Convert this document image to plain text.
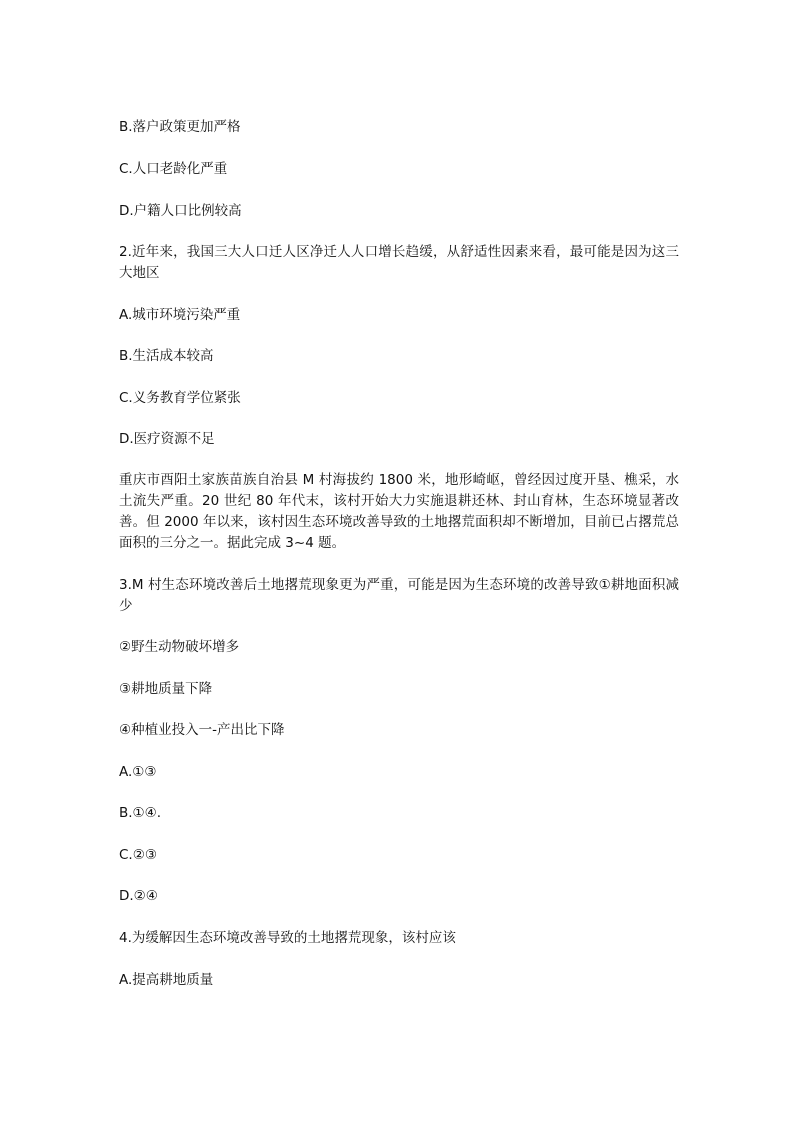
B.落户政策更加严格
C.人口老龄化严重
D.户籍人口比例较高
2.近年来，我国三大人口迁人区净迁人人口增长趋缓，从舒适性因素来看，最可能是因为这三大地区
A.城市环境污染严重
B.生活成本较高
C.义务教育学位紧张
D.医疗资源不足
重庆市酉阳土家族苗族自治县 M 村海拔约 1800 米，地形崎岖，曾经因过度开垦、樵采，水土流失严重。20 世纪 80 年代末，该村开始大力实施退耕还林、封山育林，生态环境显著改善。但 2000 年以来，该村因生态环境改善导致的土地撂荒面积却不断增加，目前已占撂荒总面积的三分之一。据此完成 3~4 题。
3.M 村生态环境改善后土地撂荒现象更为严重，可能是因为生态环境的改善导致①耕地面积减少
②野生动物破坏增多
③耕地质量下降
④种植业投入一-产出比下降
A.①③
B.①④.
C.②③
D.②④
4.为缓解因生态环境改善导致的土地撂荒现象，该村应该
A.提高耕地质量
